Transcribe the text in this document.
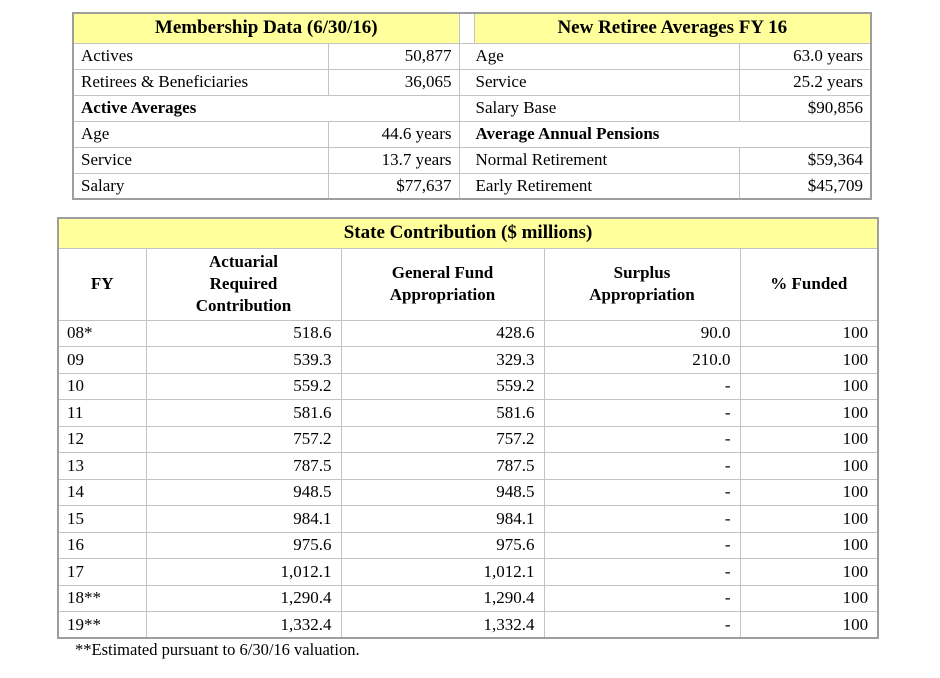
Membership Data (6/30/16)			New Retiree Averages FY 16	
Actives	50,877	Age		63.0 years
Retirees & Beneficiaries	36,065	Service		25.2 years
Active Averages		Salary Base		$90,856
Age	44.6 years	Average Annual Pensions		
Service	13.7 years	Normal Retirement		$59,364
Salary	$77,637	Early Retirement		$45,709
State Contribution ($ millions)				

FY

Actuarial
Required
Contribution

General Fund
Appropriation

Surplus
Appropriation

% Funded

08*	518.6	428.6	90.0	100
09	539.3	329.3	210.0	100
10	559.2	559.2	-	100
11	581.6	581.6	-	100
12	757.2	757.2	-	100
13	787.5	787.5	-	100
14	948.5	948.5	-	100
15	984.1	984.1	-	100
16	975.6	975.6	-	100
17	1,012.1	1,012.1	-	100
18**	1,290.4	1,290.4	-	100
19**	1,332.4	1,332.4	-	100
**Estimated pursuant to 6/30/16 valuation.
